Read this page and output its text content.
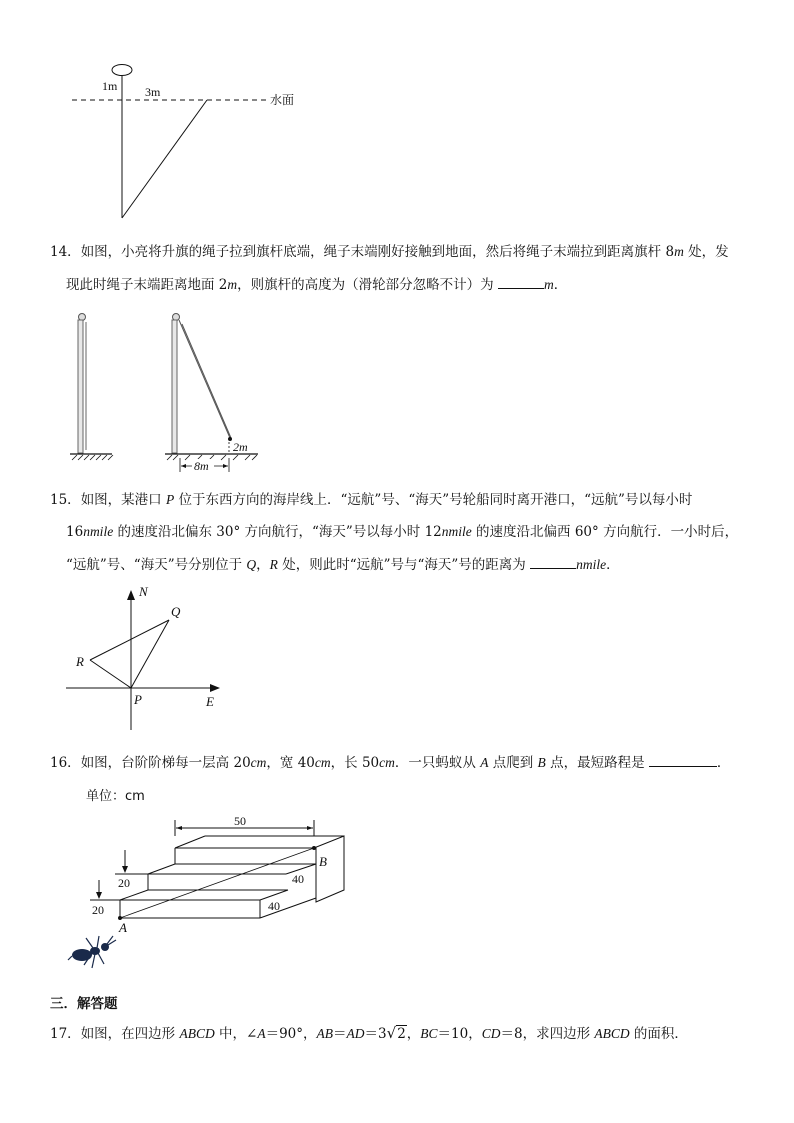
1m 3m
水面
14．如图，小亮将升旗的绳子拉到旗杆底端，绳子末端刚好接触到地面，然后将绳子末端拉到距离旗杆 8m 处，发
现此时绳子末端距离地面 2m，则旗杆的高度为（滑轮部分忽略不计）为	m．
8m
2m
15．如图，某港口 P 位于东西方向的海岸线上．“远航”号、“海天”号轮船同时离开港口，“远航”号以每小时
16nmile 的速度沿北偏东 30° 方向航行，“海天”号以每小时 12nmile 的速度沿北偏西 60° 方向航行．一小时后，
“远航”号、“海天”号分别位于 Q，R 处，则此时“远航”号与“海天”号的距离为	nmile．
N
Q
R
P	E
16．如图，台阶阶梯每一层高 20cm，宽 40cm，长 50cm．一只蚂蚁从 A 点爬到 B 点，最短路程是	．
单位：cm
50
20
20
40
40
B
A
三．解答题
17．如图，在四边形 ABCD 中，∠A＝90°，AB＝AD＝3√2，BC＝10，CD＝8，求四边形 ABCD 的面积．
